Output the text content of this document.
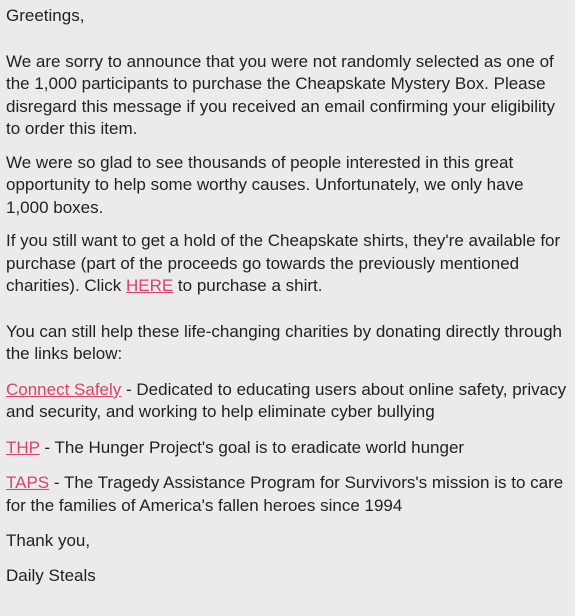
Greetings,

We are sorry to announce that you were not randomly selected as one of the 1,000 participants to purchase the Cheapskate Mystery Box. Please disregard this message if you received an email confirming your eligibility to order this item.

We were so glad to see thousands of people interested in this great opportunity to help some worthy causes. Unfortunately, we only have 1,000 boxes.

If you still want to get a hold of the Cheapskate shirts, they're available for purchase (part of the proceeds go towards the previously mentioned charities). Click HERE to purchase a shirt.

You can still help these life-changing charities by donating directly through the links below:

Connect Safely - Dedicated to educating users about online safety, privacy and security, and working to help eliminate cyber bullying

THP - The Hunger Project's goal is to eradicate world hunger

TAPS - The Tragedy Assistance Program for Survivors's mission is to care for the families of America's fallen heroes since 1994

Thank you,

Daily Steals
